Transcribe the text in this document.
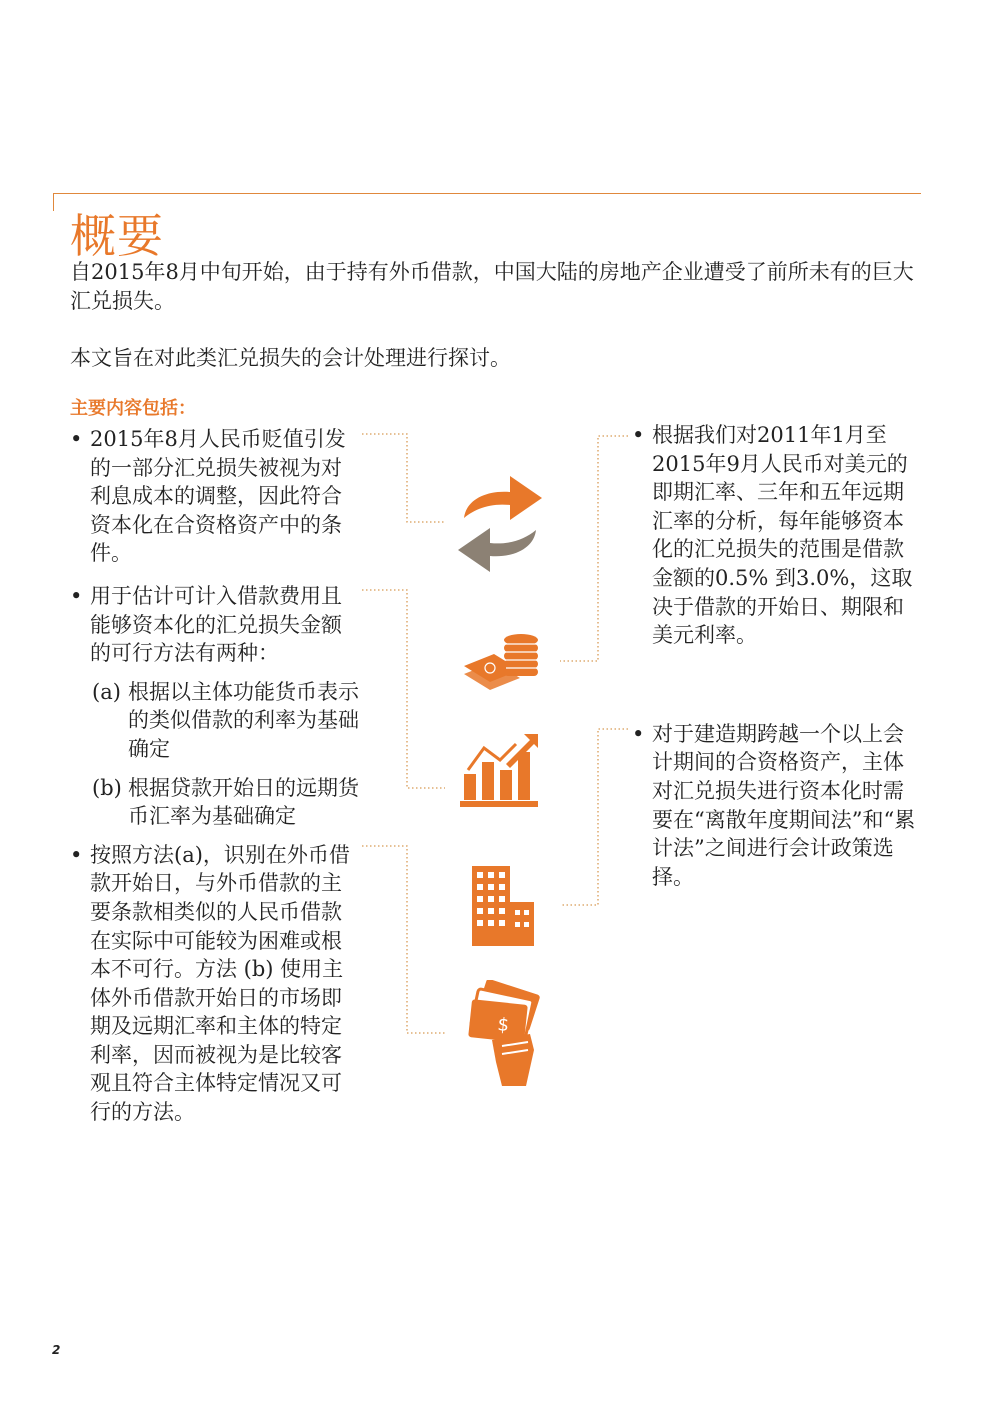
概要

自2015年8月中旬开始，由于持有外币借款，中国大陆的房地产企业遭受了前所未有的巨大汇兑损失。

本文旨在对此类汇兑损失的会计处理进行探讨。

主要内容包括：

• 2015年8月人民币贬值引发的一部分汇兑损失被视为对利息成本的调整，因此符合资本化在合资格资产中的条件。
• 用于估计可计入借款费用且能够资本化的汇兑损失金额的可行方法有两种：
(a) 根据以主体功能货币表示的类似借款的利率为基础确定
(b) 根据贷款开始日的远期货币汇率为基础确定
• 按照方法(a)，识别在外币借款开始日，与外币借款的主要条款相类似的人民币借款在实际中可能较为困难或根本不可行。方法 (b) 使用主体外币借款开始日的市场即期及远期汇率和主体的特定利率，因而被视为是比较客观且符合主体特定情况又可行的方法。
• 根据我们对2011年1月至2015年9月人民币对美元的即期汇率、三年和五年远期汇率的分析，每年能够资本化的汇兑损失的范围是借款金额的0.5% 到3.0%，这取决于借款的开始日、期限和美元利率。
• 对于建造期跨越一个以上会计期间的合资格资产，主体对汇兑损失进行资本化时需要在“离散年度期间法”和“累计法”之间进行会计政策选择。
$
2
